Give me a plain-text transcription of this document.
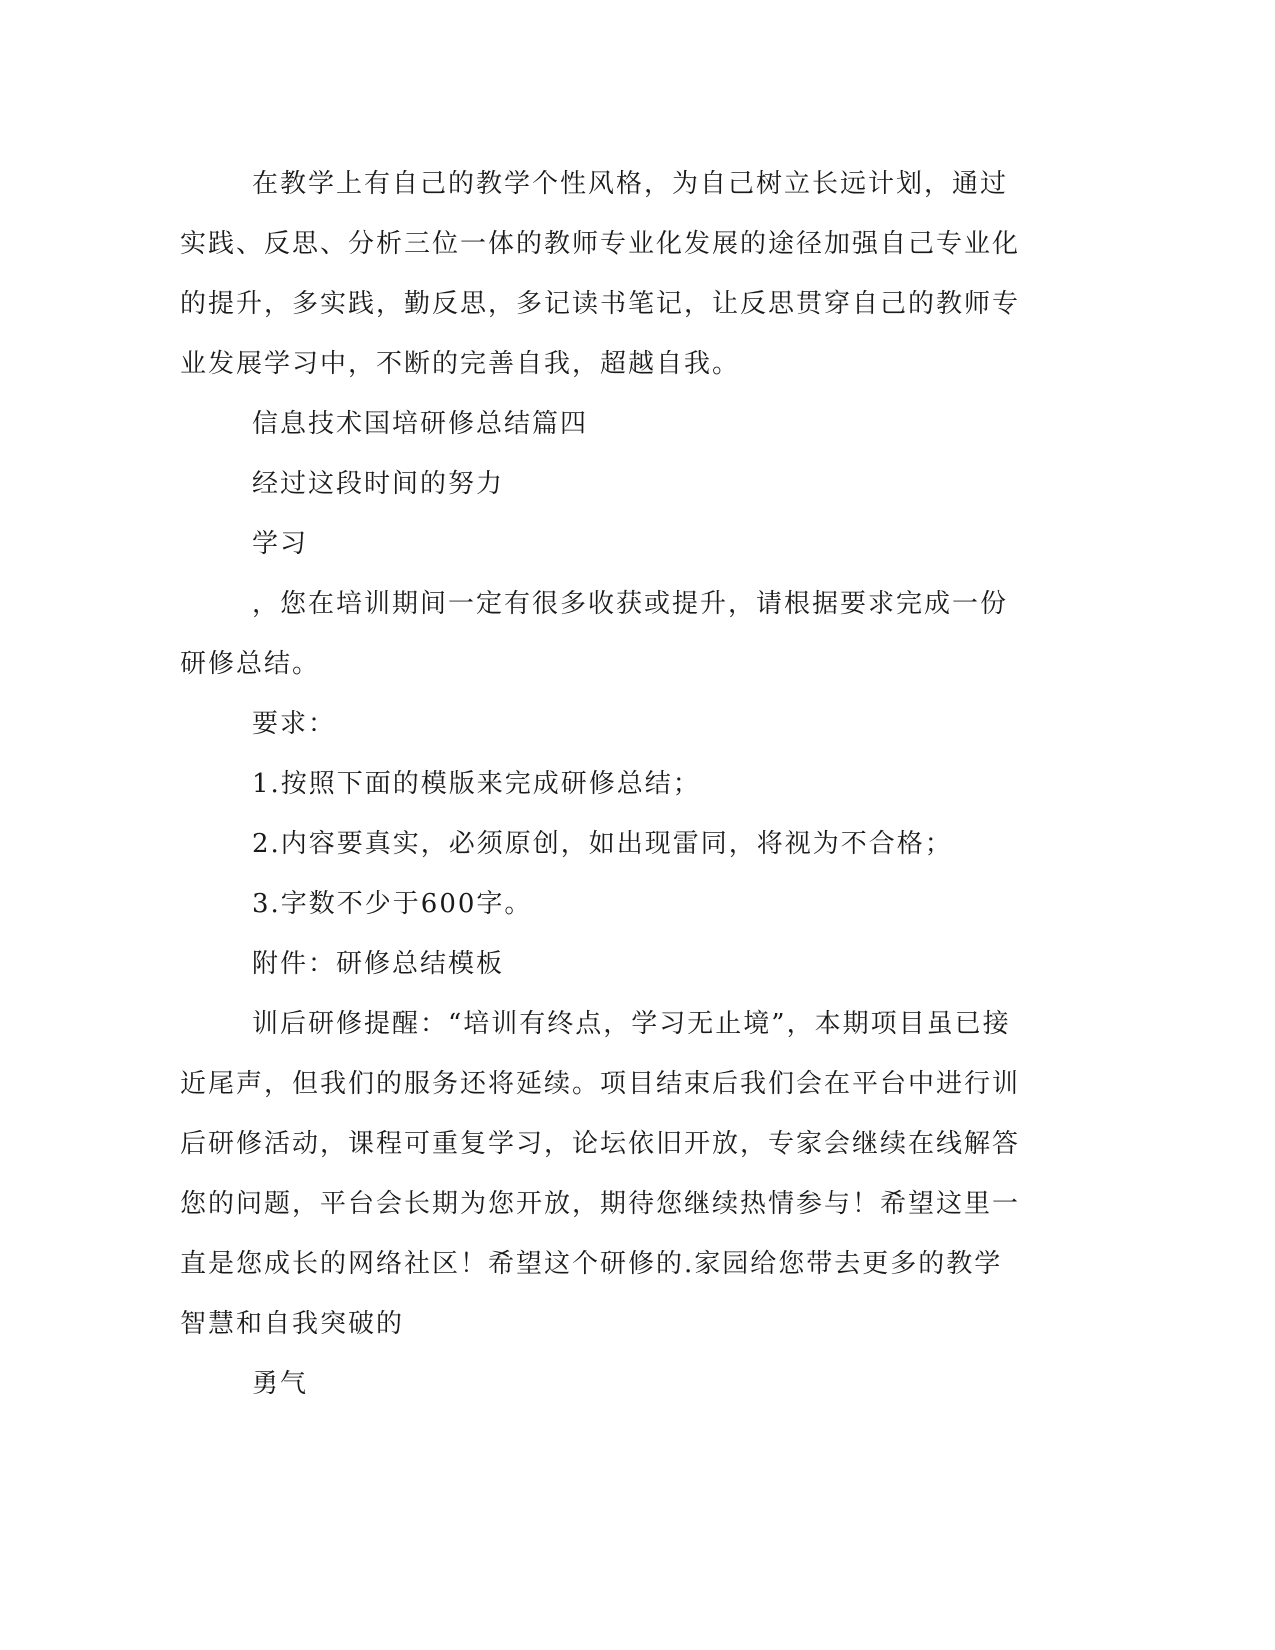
在教学上有自己的教学个性风格，为自己树立长远计划，通过实践、反思、分析三位一体的教师专业化发展的途径加强自己专业化的提升，多实践，勤反思，多记读书笔记，让反思贯穿自己的教师专业发展学习中，不断的完善自我，超越自我。

信息技术国培研修总结篇四

经过这段时间的努力

学习

，您在培训期间一定有很多收获或提升，请根据要求完成一份研修总结。

要求：

1.按照下面的模版来完成研修总结；

2.内容要真实，必须原创，如出现雷同，将视为不合格；

3.字数不少于600字。

附件：研修总结模板

训后研修提醒：“培训有终点，学习无止境”，本期项目虽已接近尾声，但我们的服务还将延续。项目结束后我们会在平台中进行训后研修活动，课程可重复学习，论坛依旧开放，专家会继续在线解答您的问题，平台会长期为您开放，期待您继续热情参与！希望这里一直是您成长的网络社区！希望这个研修的.家园给您带去更多的教学智慧和自我突破的

勇气
